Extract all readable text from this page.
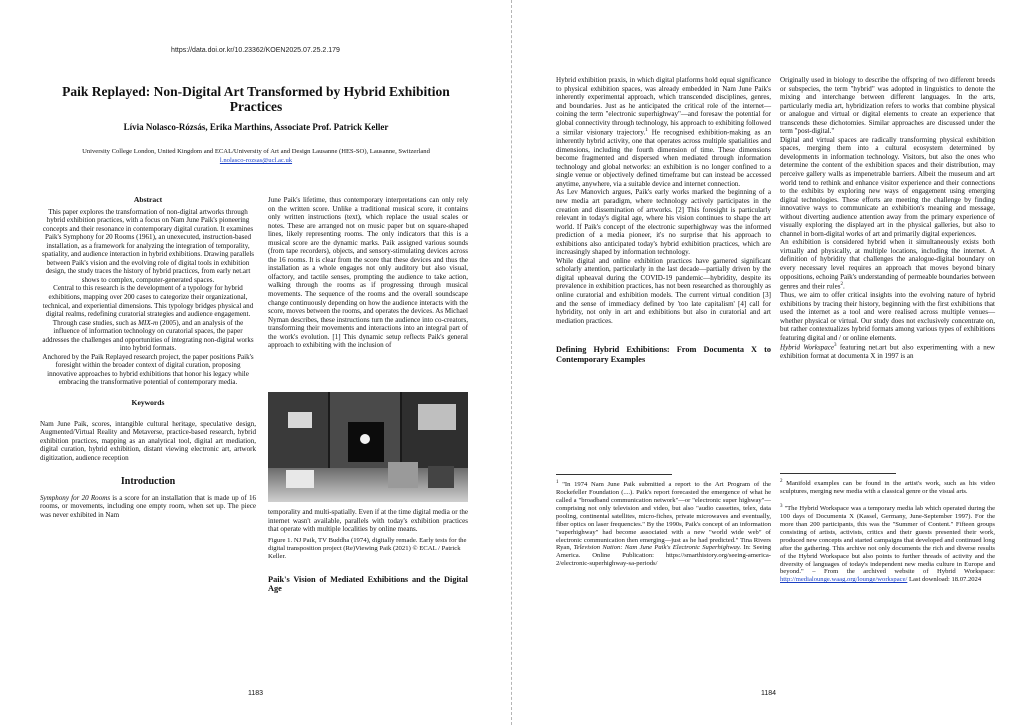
https://data.doi.or.kr/10.23362/KOEN2025.07.25.2.179
Paik Replayed: Non-Digital Art Transformed by Hybrid Exhibition Practices
Lívia Nolasco-Rózsás, Erika Marthins, Associate Prof. Patrick Keller
University College London, United Kingdom and ECAL/University of Art and Design Lausanne (HES-SO), Lausanne, Switzerland
l.nolasco-rozsas@ucl.ac.uk
Abstract

This paper explores the transformation of non-digital artworks through hybrid exhibition practices, with a focus on Nam June Paik's pioneering concepts and their resonance in contemporary digital curation. It examines Paik's Symphony for 20 Rooms (1961), an unexecuted, instruction-based installation, as a framework for analyzing the integration of temporality, spatiality, and audience interaction in hybrid exhibitions. Drawing parallels between Paik's vision and the evolving role of digital tools in exhibition design, the study traces the history of hybrid practices, from early net.art shows to complex, computer-generated spaces.

Central to this research is the development of a typology for hybrid exhibitions, mapping over 200 cases to categorize their organizational, technical, and experiential dimensions. This typology bridges physical and digital realms, redefining curatorial strategies and audience engagement. Through case studies, such as MIX-m (2005), and an analysis of the influence of information technology on curatorial spaces, the paper addresses the challenges and opportunities of integrating non-digital works into hybrid formats.

Anchored by the Paik Replayed research project, the paper positions Paik's foresight within the broader context of digital curation, proposing innovative approaches to hybrid exhibitions that honor his legacy while embracing the transformative potential of contemporary media.

Keywords

Nam June Paik, scores, intangible cultural heritage, speculative design, Augmented/Virtual Reality and Metaverse, practice-based research, hybrid exhibition practices, mapping as an analytical tool, digital art mediation, digital curation, hybrid exhibition, distant viewing electronic art, artwork digitization, audience reception

Introduction

Symphony for 20 Rooms is a score for an installation that is made up of 16 rooms, or movements, including one empty room, when set up. The piece was never exhibited in Nam

June Paik's lifetime, thus contemporary interpretations can only rely on the written score. Unlike a traditional musical score, it contains only written instructions (text), which replace the usual scales or notes. These are arranged not on music paper but on square-shaped lines, likely representing rooms. The only indicators that this is a musical score are the dynamic marks. Paik assigned various sounds (from tape recorders), objects, and sensory-stimulating devices across the 16 rooms. It is clear from the score that these devices and thus the installation as a whole engages not only auditory but also visual, olfactory, and tactile senses, prompting the audience to take action, walking through the rooms as if progressing through musical movements. The sequence of the rooms and the overall soundscape change continuously depending on how the audience interacts with the score, moves between the rooms, and operates the devices. As Michael Nyman describes, these instructions turn the audience into co-creators, transforming their movements and interactions into an integral part of the work's evolution. [1] This dynamic setup reflects Paik's general approach to exhibiting with the inclusion of

temporality and multi-spatially. Even if at the time digital media or the internet wasn't available, parallels with today's exhibition practices that operate with multiple localities by online means.

Figure 1. NJ Paik, TV Buddha (1974), digitally remade. Early tests for the digital transposition project (Re)Viewing Paik (2021) © ECAL / Patrick Keller.

Paik's Vision of Mediated Exhibitions and the Digital Age
1183

Hybrid exhibition praxis, in which digital platforms hold equal significance to physical exhibition spaces, was already embedded in Nam June Paik's inherently experimental approach, which transcended disciplines, genres, and boundaries. Just as he anticipated the critical role of the internet—coining the term "electronic superhighway"—and foresaw the potential for global connectivity through technology, his approach to exhibiting followed a similar visionary trajectory.$^1$ He recognised exhibition-making as an inherently hybrid activity, one that operates across multiple spatialities and dimensions, including the fourth dimension of time. These dimensions become fragmented and dispersed when mediated through information technology and global networks: an exhibition is no longer confined to a single venue or objectively defined timeframe but can instead be accessed anytime, anywhere, via a suitable device and internet connection.

As Lev Manovich argues, Paik's early works marked the beginning of a new media art paradigm, where technology actively participates in the creation and dissemination of artworks. [2] This foresight is particularly relevant in today's digital age, where his vision continues to shape the art world. If Paik's concept of the electronic superhighway was the informed prediction of a media pioneer, it's no surprise that his approach to exhibitions also anticipated today's hybrid exhibition practices, which are increasingly shaped by information technology.

While digital and online exhibition practices have garnered significant scholarly attention, particularly in the last decade—partially driven by the digital upheaval during the COVID-19 pandemic—hybridity, despite its prevalence in exhibition practices, has not been researched as thoroughly as online curatorial and exhibition models. The current virtual condition [3] and the sense of immediacy defined by 'too late capitalism' [4] call for hybridity, not only in art and exhibitions but also in curatorial and art mediation practices.

Defining Hybrid Exhibitions: From Documenta X to Contemporary Examples
$^1$ "In 1974 Nam June Paik submitted a report to the Art Program of the Rockefeller Foundation (....). Paik's report forecasted the emergence of what he called a "broadband communication network"—or "electronic super highway"—comprising not only television and video, but also "audio cassettes, telex, data pooling, continental satellites, micro-fiches, private microwaves and eventually, fiber optics on laser frequencies." By the 1990s, Paik's concept of an information "superhighway" had become associated with a new "world wide web" of electronic communication then emerging—just as he had predicted." Tina Rivers Ryan, Television Nation: Nam June Paik's Electronic Superhighway. In: Seeing America. Online Publication: https://smarthistory.org/seeing-america-2/electronic-superhighway-sa-periods/

Originally used in biology to describe the offspring of two different breeds or subspecies, the term "hybrid" was adopted in linguistics to denote the mixing and interchange between different languages. In the arts, particularly media art, hybridization refers to works that combine physical or analogue and virtual or digital elements to create an experience that transcends these dichotomies. Similar approaches are discussed under the term "post-digital."

Digital and virtual spaces are radically transforming physical exhibition spaces, merging them into a cultural ecosystem determined by developments in information technology. Visitors, but also the ones who determine the content of the exhibition spaces and their distribution, may perceive gallery walls as impenetrable barriers. Albeit the museum and art world tend to rethink and enhance visitor experience and their connections to the exhibits by exploring new ways of engagement using emerging digital technologies. These efforts are meeting the challenge by finding innovative ways to communicate an exhibition's meaning and message, without diverting audience attention away from the primary experience of visually exploring the displayed art in the physical galleries, but also to channel in born-digital works of art and primarily digital experiences.

An exhibition is considered hybrid when it simultaneously exists both virtually and physically, at multiple locations, including the internet. A definition of hybridity that challenges the analogue-digital boundary on every necessary level requires an approach that moves beyond binary oppositions, echoing Paik's understanding of permeable boundaries between genres and their rules$^2$.

Thus, we aim to offer critical insights into the evolving nature of hybrid exhibitions by tracing their history, beginning with the first exhibitions that used the internet as a tool and were realised across multiple venues—whether physical or virtual. Our study does not exclusively concentrate on, but rather contextualizes hybrid formats among various types of exhibitions featuring digital and / or online elements.

Hybrid Workspace$^3$ featuring net.art but also experimenting with a new exhibition format at documenta X in 1997 is an

$^2$ Manifold examples can be found in the artist's work, such as his video sculptures, merging new media with a classical genre or the visual arts.
$^3$ "The Hybrid Workspace was a temporary media lab which operated during the 100 days of Documenta X (Kassel, Germany, June-September 1997). For the more than 200 participants, this was the "Summer of Content." Fifteen groups consisting of artists, activists, critics and their guests presented their work, produced new concepts and started campaigns that developed and continued long after the gathering. This archive not only documents the rich and diverse results of the Hybrid Workspace but also points to further threads of activity and the diversity of languages of today's independent new media culture in Europe and beyond." – From the archived website of Hybrid Workspace: http://medialounge.waag.org/lounge/workspace/ Last download: 18.07.2024
1184
